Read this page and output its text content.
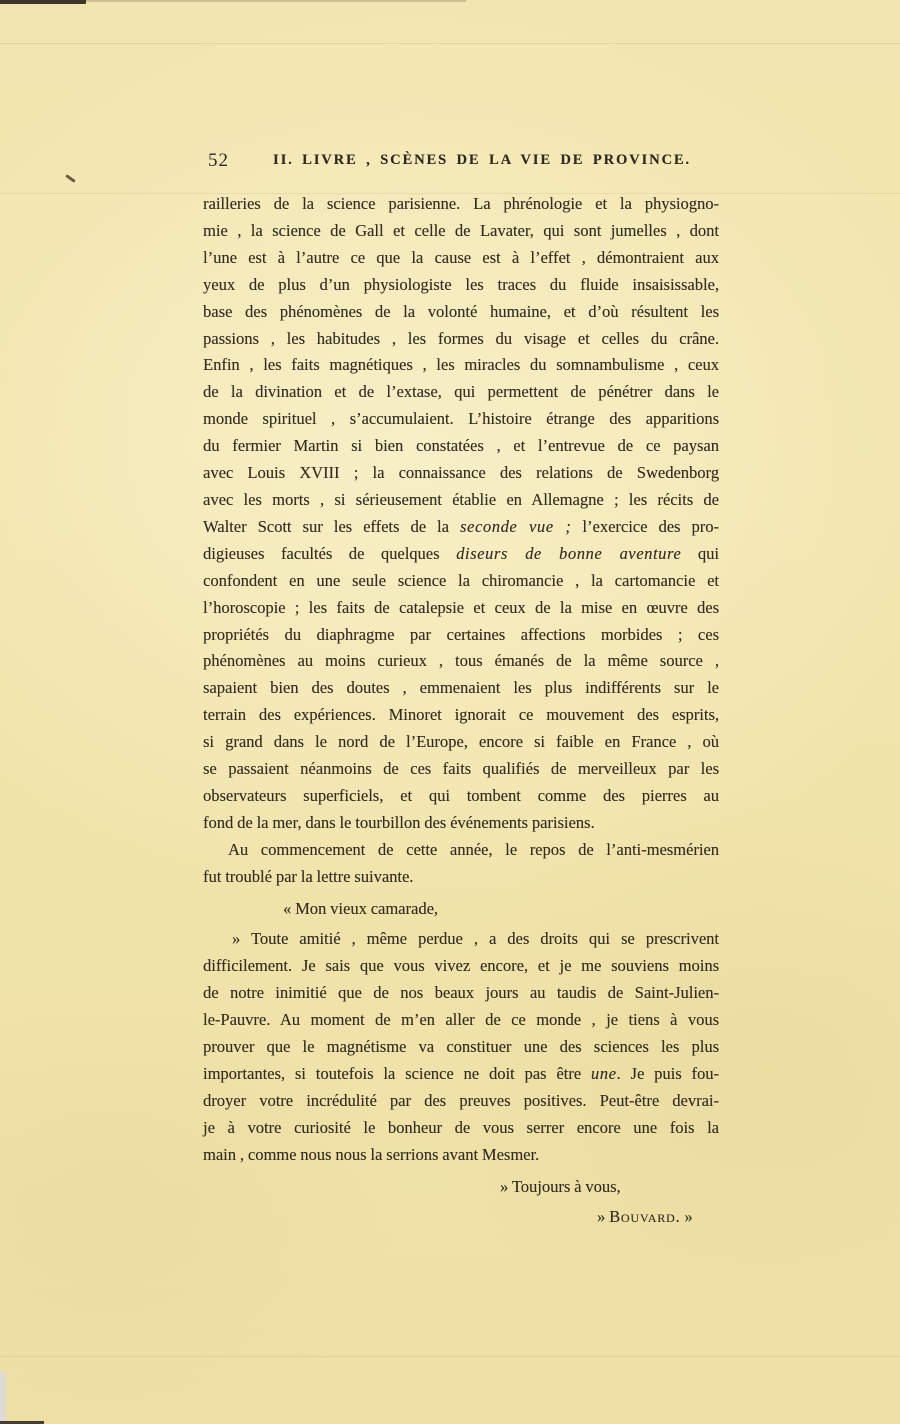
52	II. LIVRE , SCÈNES DE LA VIE DE PROVINCE.
railleries de la science parisienne. La phrénologie et la physiogno-
mie , la science de Gall et celle de Lavater, qui sont jumelles , dont
l’une est à l’autre ce que la cause est à l’effet , démontraient aux
yeux de plus d’un physiologiste les traces du fluide insaisissable,
base des phénomènes de la volonté humaine, et d’où résultent les
passions , les habitudes , les formes du visage et celles du crâne.
Enfin , les faits magnétiques , les miracles du somnambulisme , ceux
de la divination et de l’extase, qui permettent de pénétrer dans le
monde spirituel , s’accumulaient. L’histoire étrange des apparitions
du fermier Martin si bien constatées , et l’entrevue de ce paysan
avec Louis XVIII ; la connaissance des relations de Swedenborg
avec les morts , si sérieusement établie en Allemagne ; les récits de
Walter Scott sur les effets de la seconde vue ; l’exercice des pro-
digieuses facultés de quelques diseurs de bonne aventure qui
confondent en une seule science la chiromancie , la cartomancie et
l’horoscopie ; les faits de catalepsie et ceux de la mise en œuvre des
propriétés du diaphragme par certaines affections morbides ; ces
phénomènes au moins curieux , tous émanés de la même source ,
sapaient bien des doutes , emmenaient les plus indifférents sur le
terrain des expériences. Minoret ignorait ce mouvement des esprits,
si grand dans le nord de l’Europe, encore si faible en France , où
se passaient néanmoins de ces faits qualifiés de merveilleux par les
observateurs superficiels, et qui tombent comme des pierres au
fond de la mer, dans le tourbillon des événements parisiens.
Au commencement de cette année, le repos de l’anti-mesmérien
fut troublé par la lettre suivante.
« Mon vieux camarade,
» Toute amitié , même perdue , a des droits qui se prescrivent
difficilement. Je sais que vous vivez encore, et je me souviens moins
de notre inimitié que de nos beaux jours au taudis de Saint-Julien-
le-Pauvre. Au moment de m’en aller de ce monde , je tiens à vous
prouver que le magnétisme va constituer une des sciences les plus
importantes, si toutefois la science ne doit pas être une. Je puis fou-
droyer votre incrédulité par des preuves positives. Peut-être devrai-
je à votre curiosité le bonheur de vous serrer encore une fois la
main , comme nous nous la serrions avant Mesmer.
» Toujours à vous,
» Bouvard. »
